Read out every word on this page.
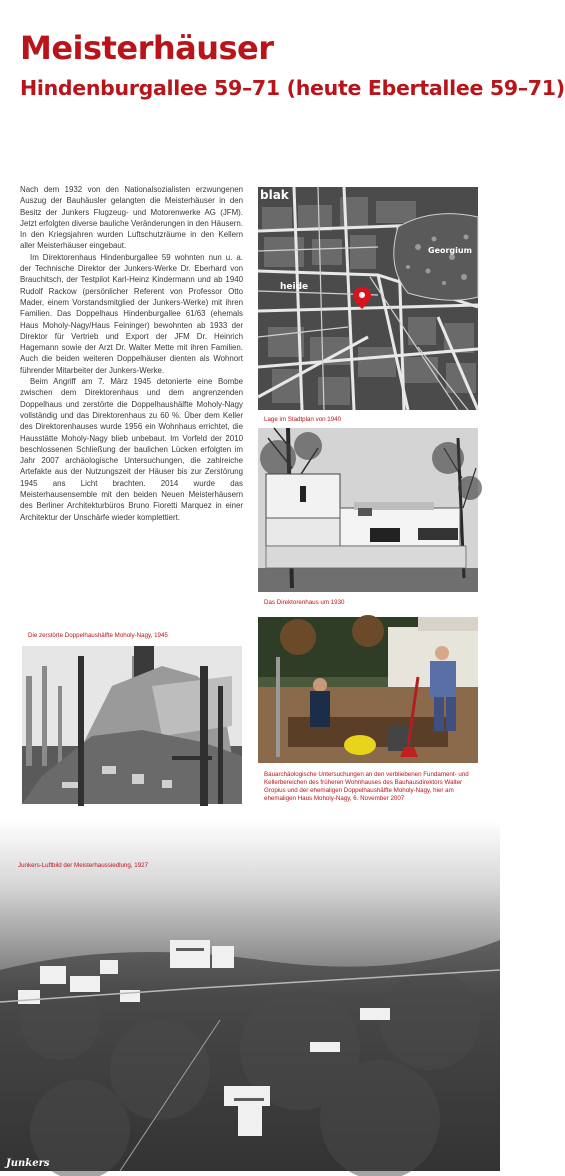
Meisterhäuser
Hindenburgallee 59–71 (heute Ebertallee 59–71)

Nach dem 1932 von den Nationalsozialisten erzwungenen Auszug der Bauhäusler gelangten die Meisterhäuser in den Besitz der Junkers Flugzeug- und Motorenwerke AG (JFM). Jetzt erfolgten diverse bauliche Veränderungen in den Häusern. In den Kriegsjahren wurden Luftschutzräume in den Kellern aller Meisterhäuser eingebaut.

Im Direktorenhaus Hindenburgallee 59 wohnten nun u. a. der Technische Direktor der Junkers-Werke Dr. Eberhard von Brauchitsch, der Testpilot Karl-Heinz Kindermann und ab 1940 Rudolf Rackow (persönlicher Referent von Professor Otto Mader, einem Vorstandsmitglied der Junkers-Werke) mit ihren Familien. Das Doppelhaus Hindenburgallee 61/63 (ehemals Haus Moholy-Nagy/Haus Feininger) bewohnten ab 1933 der Direktor für Vertrieb und Export der JFM Dr. Heinrich Hagemann sowie der Arzt Dr. Walter Mette mit ihren Familien. Auch die beiden weiteren Doppelhäuser dienten als Wohnort führender Mitarbeiter der Junkers-Werke.

Beim Angriff am 7. März 1945 detonierte eine Bombe zwischen dem Direktorenhaus und dem angrenzenden Doppelhaus und zerstörte die Doppelhaushälfte Moholy-Nagy vollständig und das Direktorenhaus zu 60 %. Über dem Keller des Direktorenhauses wurde 1956 ein Wohnhaus errichtet, die Hausstätte Moholy-Nagy blieb unbebaut. Im Vorfeld der 2010 beschlossenen Schließung der baulichen Lücken erfolgten im Jahr 2007 archäologische Untersuchungen, die zahlreiche Artefakte aus der Nutzungszeit der Häuser bis zur Zerstörung 1945 ans Licht brachten. 2014 wurde das Meisterhausensemble mit den beiden Neuen Meisterhäusern des Berliner Architekturbüros Bruno Fioretti Marquez in einer Architektur der Unschärfe wieder komplettiert.

blak
heide
Georgium
Lage im Stadtplan von 1940
Das Direktorenhaus um 1930
Die zerstörte Doppelhaushälfte Moholy-Nagy, 1945
Bauarchäologische Untersuchungen an den verbliebenen Fundament- und Kellerbereichen des früheren Wohnhauses des Bauhausdirektors Walter Gropius und der ehemaligen Doppelhaushälfte Moholy-Nagy, hier am ehemaligen Haus Moholy-Nagy, 6. November 2007
Junkers
Junkers-Luftbild der Meisterhaussiedlung, 1927
